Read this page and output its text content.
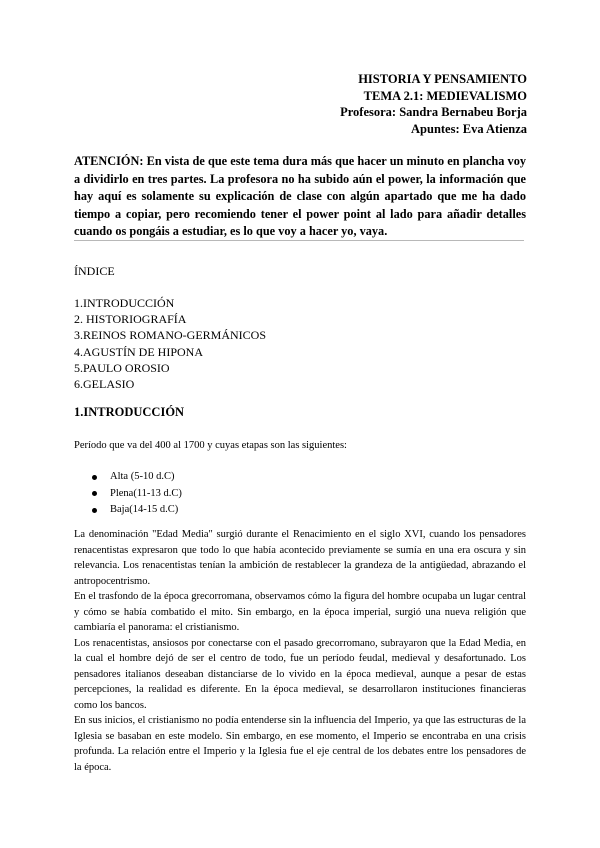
HISTORIA Y PENSAMIENTO
TEMA 2.1: MEDIEVALISMO
Profesora: Sandra Bernabeu Borja
Apuntes: Eva Atienza
ATENCIÓN: En vista de que este tema dura más que hacer un minuto en plancha voy a dividirlo en tres partes. La profesora no ha subido aún el power, la información que hay aquí es solamente su explicación de clase con algún apartado que me ha dado tiempo a copiar, pero recomiendo tener el power point al lado para añadir detalles cuando os pongáis a estudiar, es lo que voy a hacer yo, vaya.
ÍNDICE
1.INTRODUCCIÓN
2. HISTORIOGRAFÍA
3.REINOS ROMANO-GERMÁNICOS
4.AGUSTÍN DE HIPONA
5.PAULO OROSIO
6.GELASIO
1.INTRODUCCIÓN
Período que va del 400 al 1700 y cuyas etapas son las siguientes:
Alta (5-10 d.C)
Plena(11-13 d.C)
Baja(14-15 d.C)

La denominación "Edad Media" surgió durante el Renacimiento en el siglo XVI, cuando los pensadores renacentistas expresaron que todo lo que había acontecido previamente se sumía en una era oscura y sin relevancia. Los renacentistas tenían la ambición de restablecer la grandeza de la antigüedad, abrazando el antropocentrismo.

En el trasfondo de la época grecorromana, observamos cómo la figura del hombre ocupaba un lugar central y cómo se había combatido el mito. Sin embargo, en la época imperial, surgió una nueva religión que cambiaría el panorama: el cristianismo.

Los renacentistas, ansiosos por conectarse con el pasado grecorromano, subrayaron que la Edad Media, en la cual el hombre dejó de ser el centro de todo, fue un período feudal, medieval y desafortunado. Los pensadores italianos deseaban distanciarse de lo vivido en la época medieval, aunque a pesar de estas percepciones, la realidad es diferente. En la época medieval, se desarrollaron instituciones financieras como los bancos.

En sus inicios, el cristianismo no podía entenderse sin la influencia del Imperio, ya que las estructuras de la Iglesia se basaban en este modelo. Sin embargo, en ese momento, el Imperio se encontraba en una crisis profunda. La relación entre el Imperio y la Iglesia fue el eje central de los debates entre los pensadores de la época.
